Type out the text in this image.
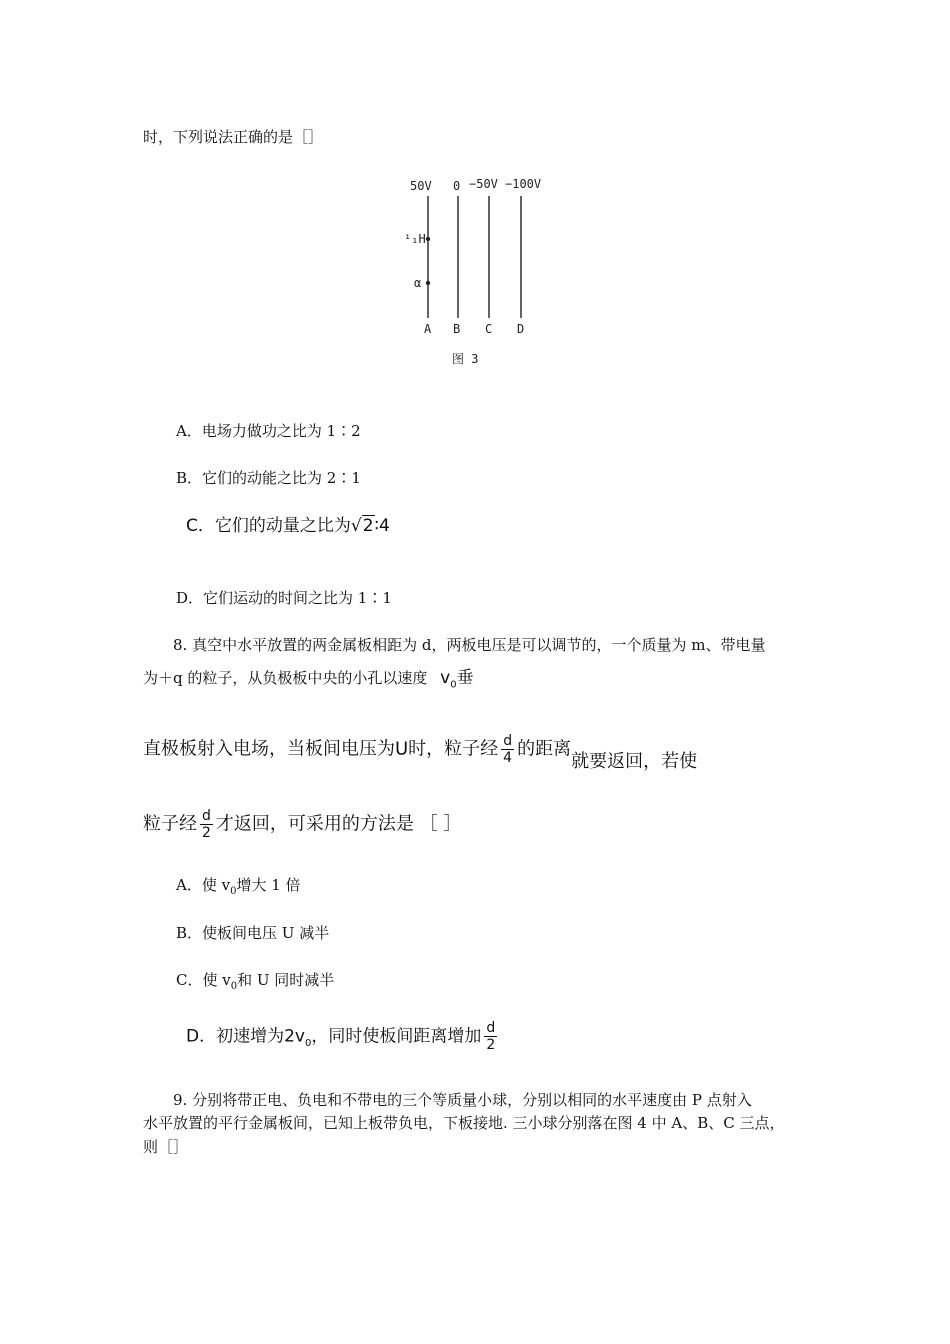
时，下列说法正确的是［］
50V 0 −50V −100V
¹₁H
α
A B C D
图 3
A．电场力做功之比为 1∶2
B．它们的动能之比为 2∶1
C．它们的动量之比为√2∶4
D．它们运动的时间之比为 1∶1
8. 真空中水平放置的两金属板相距为 d，两板电压是可以调节的，一个质量为 m、带电量
为＋q 的粒子，从负极板中央的小孔以速度 $v_0$垂
直极板射入电场，当板间电压为U时，粒子经 $\frac{d}{4}$ 的距离就要返回，若使
粒子经 $\frac{d}{2}$ 才返回，可采用的方法是 ［ ］
A．使 $v_0$增大 1 倍
B．使板间电压 U 减半
C．使 $v_0$和 U 同时减半
D．初速增为$2v_0$，同时使板间距离增加 $\frac{d}{2}$
9. 分别将带正电、负电和不带电的三个等质量小球，分别以相同的水平速度由 P 点射入
水平放置的平行金属板间，已知上板带负电，下板接地. 三小球分别落在图 4 中 A、B、C 三点，
则［］
